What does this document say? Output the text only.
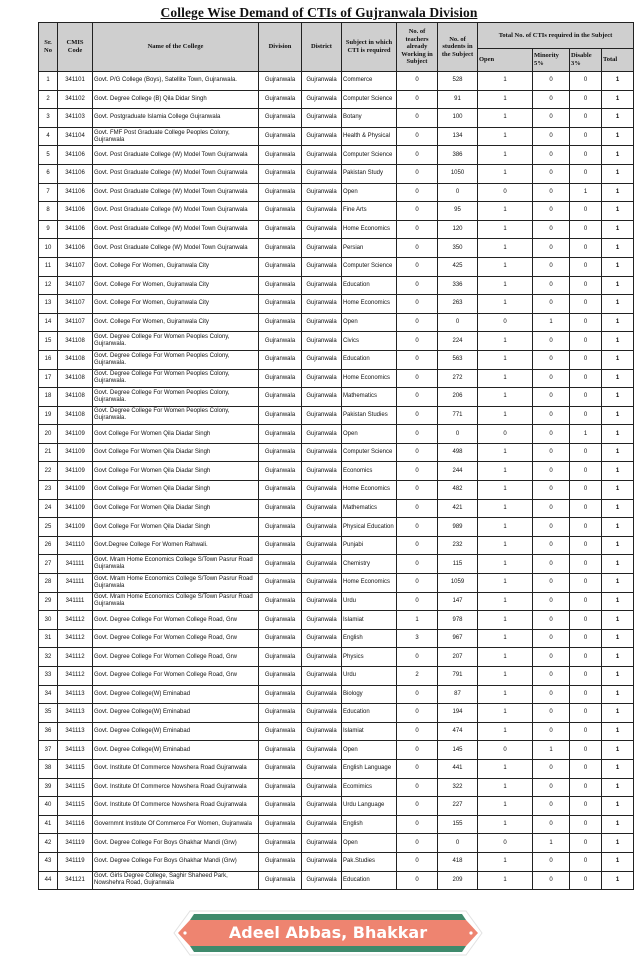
College Wise Demand of CTIs of Gujranwala Division
Sr. No	CMIS Code	Name of the College	Division	District	Subject in which CTI is required	No. of teachers already Working in Subject	No. of students in the Subject	Total No. of CTIs required in the Subject			
								Open	Minority 5%	Disable 3%	Total
1	341101	Govt. P/G College (Boys), Satellite Town, Gujranwala.	Gujranwala	Gujranwala	Commerce	0	528	1	0	0	1
2	341102	Govt. Degree College (B) Qila Didar Singh	Gujranwala	Gujranwala	Computer Science	0	91	1	0	0	1
3	341103	Govt. Postgraduate Islamia College Gujranwala	Gujranwala	Gujranwala	Botany	0	100	1	0	0	1
4	341104	Govt. FMF Post Graduate College Peoples Colony, Gujranwala	Gujranwala	Gujranwala	Health & Physical	0	134	1	0	0	1
5	341106	Govt. Post Graduate College (W) Model Town Gujranwala	Gujranwala	Gujranwala	Computer Science	0	386	1	0	0	1
6	341106	Govt. Post Graduate College (W) Model Town Gujranwala	Gujranwala	Gujranwala	Pakistan Study	0	1050	1	0	0	1
7	341106	Govt. Post Graduate College (W) Model Town Gujranwala	Gujranwala	Gujranwala	Open	0	0	0	0	1	1
8	341106	Govt. Post Graduate College (W) Model Town Gujranwala	Gujranwala	Gujranwala	Fine Arts	0	95	1	0	0	1
9	341106	Govt. Post Graduate College (W) Model Town Gujranwala	Gujranwala	Gujranwala	Home Economics	0	120	1	0	0	1
10	341106	Govt. Post Graduate College (W) Model Town Gujranwala	Gujranwala	Gujranwala	Persian	0	350	1	0	0	1
11	341107	Govt. College For Women, Gujranwala City	Gujranwala	Gujranwala	Computer Science	0	425	1	0	0	1
12	341107	Govt. College For Women, Gujranwala City	Gujranwala	Gujranwala	Education	0	336	1	0	0	1
13	341107	Govt. College For Women, Gujranwala City	Gujranwala	Gujranwala	Home Economics	0	263	1	0	0	1
14	341107	Govt. College For Women, Gujranwala City	Gujranwala	Gujranwala	Open	0	0	0	1	0	1
15	341108	Govt. Degree College For Women Peoples Colony, Gujranwala.	Gujranwala	Gujranwala	Civics	0	224	1	0	0	1
16	341108	Govt. Degree College For Women Peoples Colony, Gujranwala.	Gujranwala	Gujranwala	Education	0	563	1	0	0	1
17	341108	Govt. Degree College For Women Peoples Colony, Gujranwala.	Gujranwala	Gujranwala	Home Economics	0	272	1	0	0	1
18	341108	Govt. Degree College For Women Peoples Colony, Gujranwala.	Gujranwala	Gujranwala	Mathematics	0	206	1	0	0	1
19	341108	Govt. Degree College For Women Peoples Colony, Gujranwala.	Gujranwala	Gujranwala	Pakistan Studies	0	771	1	0	0	1
20	341109	Govt College For Women Qila Diadar Singh	Gujranwala	Gujranwala	Open	0	0	0	0	1	1
21	341109	Govt College For Women Qila Diadar Singh	Gujranwala	Gujranwala	Computer Science	0	498	1	0	0	1
22	341109	Govt College For Women Qila Diadar Singh	Gujranwala	Gujranwala	Economics	0	244	1	0	0	1
23	341109	Govt College For Women Qila Diadar Singh	Gujranwala	Gujranwala	Home Economics	0	482	1	0	0	1
24	341109	Govt College For Women Qila Diadar Singh	Gujranwala	Gujranwala	Mathematics	0	421	1	0	0	1
25	341109	Govt College For Women Qila Diadar Singh	Gujranwala	Gujranwala	Physical Education	0	989	1	0	0	1
26	341110	Govt.Degree College For Women Rahwali.	Gujranwala	Gujranwala	Punjabi	0	232	1	0	0	1
27	341111	Govt. Mram Home Economics College S/Town Pasrur Road Gujranwala	Gujranwala	Gujranwala	Chemistry	0	115	1	0	0	1
28	341111	Govt. Mram Home Economics College S/Town Pasrur Road Gujranwala	Gujranwala	Gujranwala	Home Economics	0	1059	1	0	0	1
29	341111	Govt. Mram Home Economics College S/Town Pasrur Road Gujranwala	Gujranwala	Gujranwala	Urdu	0	147	1	0	0	1
30	341112	Govt. Degree College For Women College Road, Grw	Gujranwala	Gujranwala	Islamiat	1	978	1	0	0	1
31	341112	Govt. Degree College For Women College Road, Grw	Gujranwala	Gujranwala	English	3	967	1	0	0	1
32	341112	Govt. Degree College For Women College Road, Grw	Gujranwala	Gujranwala	Physics	0	207	1	0	0	1
33	341112	Govt. Degree College For Women College Road, Grw	Gujranwala	Gujranwala	Urdu	2	791	1	0	0	1
34	341113	Govt. Degree College(W) Eminabad	Gujranwala	Gujranwala	Biology	0	87	1	0	0	1
35	341113	Govt. Degree College(W) Eminabad	Gujranwala	Gujranwala	Education	0	194	1	0	0	1
36	341113	Govt. Degree College(W) Eminabad	Gujranwala	Gujranwala	Islamiat	0	474	1	0	0	1
37	341113	Govt. Degree College(W) Eminabad	Gujranwala	Gujranwala	Open	0	145	0	1	0	1
38	341115	Govt. Institute Of Commerce Nowshera Road Gujranwala	Gujranwala	Gujranwala	English Language	0	441	1	0	0	1
39	341115	Govt. Institute Of Commerce Nowshera Road Gujranwala	Gujranwala	Gujranwala	Ecomimics	0	322	1	0	0	1
40	341115	Govt. Institute Of Commerce Nowshera Road Gujranwala	Gujranwala	Gujranwala	Urdu Language	0	227	1	0	0	1
41	341116	Governmnt Institute Of Commerce For Women, Gujranwala	Gujranwala	Gujranwala	English	0	155	1	0	0	1
42	341119	Govt. Degree College For Boys Ghakhar Mandi (Grw)	Gujranwala	Gujranwala	Open	0	0	0	1	0	1
43	341119	Govt. Degree College For Boys Ghakhar Mandi (Grw)	Gujranwala	Gujranwala	Pak.Studies	0	418	1	0	0	1
44	341121	Govt. Girls Degree College, Saghir Shaheed Park, Nowshehra Road, Gujranwala	Gujranwala	Gujranwala	Education	0	209	1	0	0	1
Adeel Abbas, Bhakkar
